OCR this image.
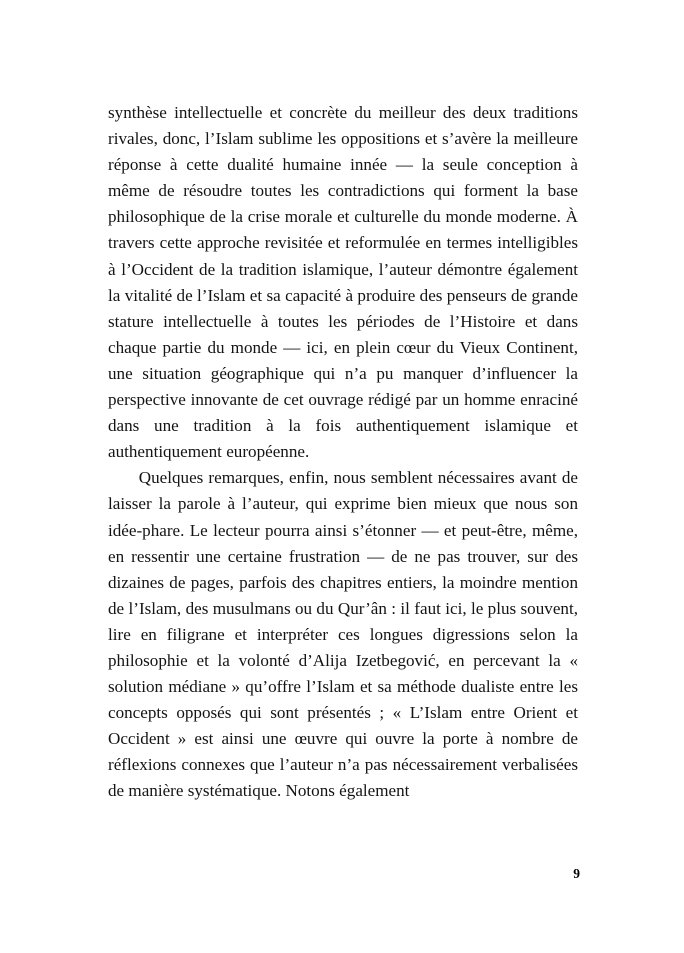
synthèse intellectuelle et concrète du meilleur des deux traditions rivales, donc, l’Islam sublime les oppositions et s’avère la meilleure réponse à cette dualité humaine innée — la seule conception à même de résoudre toutes les contradictions qui forment la base philosophique de la crise morale et culturelle du monde moderne. À travers cette approche revisitée et reformulée en termes intelligibles à l’Occident de la tradition islamique, l’auteur démontre également la vitalité de l’Islam et sa capacité à produire des penseurs de grande stature intellectuelle à toutes les périodes de l’Histoire et dans chaque partie du monde — ici, en plein cœur du Vieux Continent, une situation géographique qui n’a pu manquer d’influencer la perspective innovante de cet ouvrage rédigé par un homme enraciné dans une tradition à la fois authentiquement islamique et authentiquement européenne.

Quelques remarques, enfin, nous semblent nécessaires avant de laisser la parole à l’auteur, qui exprime bien mieux que nous son idée-phare. Le lecteur pourra ainsi s’étonner — et peut-être, même, en ressentir une certaine frustration — de ne pas trouver, sur des dizaines de pages, parfois des chapitres entiers, la moindre mention de l’Islam, des musulmans ou du Qur’ân : il faut ici, le plus souvent, lire en filigrane et interpréter ces longues digressions selon la philosophie et la volonté d’Alija Izetbegović, en percevant la « solution médiane » qu’offre l’Islam et sa méthode dualiste entre les concepts opposés qui sont présentés ; « L’Islam entre Orient et Occident » est ainsi une œuvre qui ouvre la porte à nombre de réflexions connexes que l’auteur n’a pas nécessairement verbalisées de manière systématique. Notons également

9
